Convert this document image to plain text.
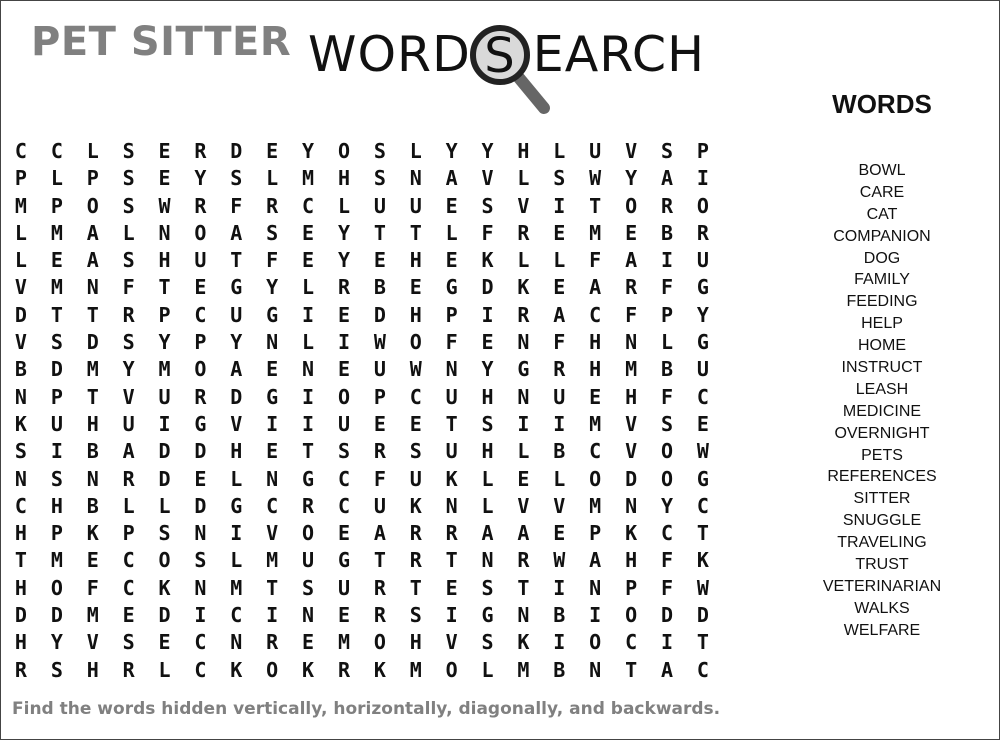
PET SITTER WORD S EARCH
WORDS
BOWL
CARE
CAT
COMPANION
DOG
FAMILY
FEEDING
HELP
HOME
INSTRUCT
LEASH
MEDICINE
OVERNIGHT
PETS
REFERENCES
SITTER
SNUGGLE
TRAVELING
TRUST
VETERINARIAN
WALKS
WELFARE
C	C	L	S	E	R	D	E	Y	O	S	L	Y	Y	H	L	U	V	S	P
P	L	P	S	E	Y	S	L	M	H	S	N	A	V	L	S	W	Y	A	I
M	P	O	S	W	R	F	R	C	L	U	U	E	S	V	I	T	O	R	O
L	M	A	L	N	O	A	S	E	Y	T	T	L	F	R	E	M	E	B	R
L	E	A	S	H	U	T	F	E	Y	E	H	E	K	L	L	F	A	I	U
V	M	N	F	T	E	G	Y	L	R	B	E	G	D	K	E	A	R	F	G
D	T	T	R	P	C	U	G	I	E	D	H	P	I	R	A	C	F	P	Y
V	S	D	S	Y	P	Y	N	L	I	W	O	F	E	N	F	H	N	L	G
B	D	M	Y	M	O	A	E	N	E	U	W	N	Y	G	R	H	M	B	U
N	P	T	V	U	R	D	G	I	O	P	C	U	H	N	U	E	H	F	C
K	U	H	U	I	G	V	I	I	U	E	E	T	S	I	I	M	V	S	E
S	I	B	A	D	D	H	E	T	S	R	S	U	H	L	B	C	V	O	W
N	S	N	R	D	E	L	N	G	C	F	U	K	L	E	L	O	D	O	G
C	H	B	L	L	D	G	C	R	C	U	K	N	L	V	V	M	N	Y	C
H	P	K	P	S	N	I	V	O	E	A	R	R	A	A	E	P	K	C	T
T	M	E	C	O	S	L	M	U	G	T	R	T	N	R	W	A	H	F	K
H	O	F	C	K	N	M	T	S	U	R	T	E	S	T	I	N	P	F	W
D	D	M	E	D	I	C	I	N	E	R	S	I	G	N	B	I	O	D	D
H	Y	V	S	E	C	N	R	E	M	O	H	V	S	K	I	O	C	I	T
R	S	H	R	L	C	K	O	K	R	K	M	O	L	M	B	N	T	A	C
Find the words hidden vertically, horizontally, diagonally, and backwards.
